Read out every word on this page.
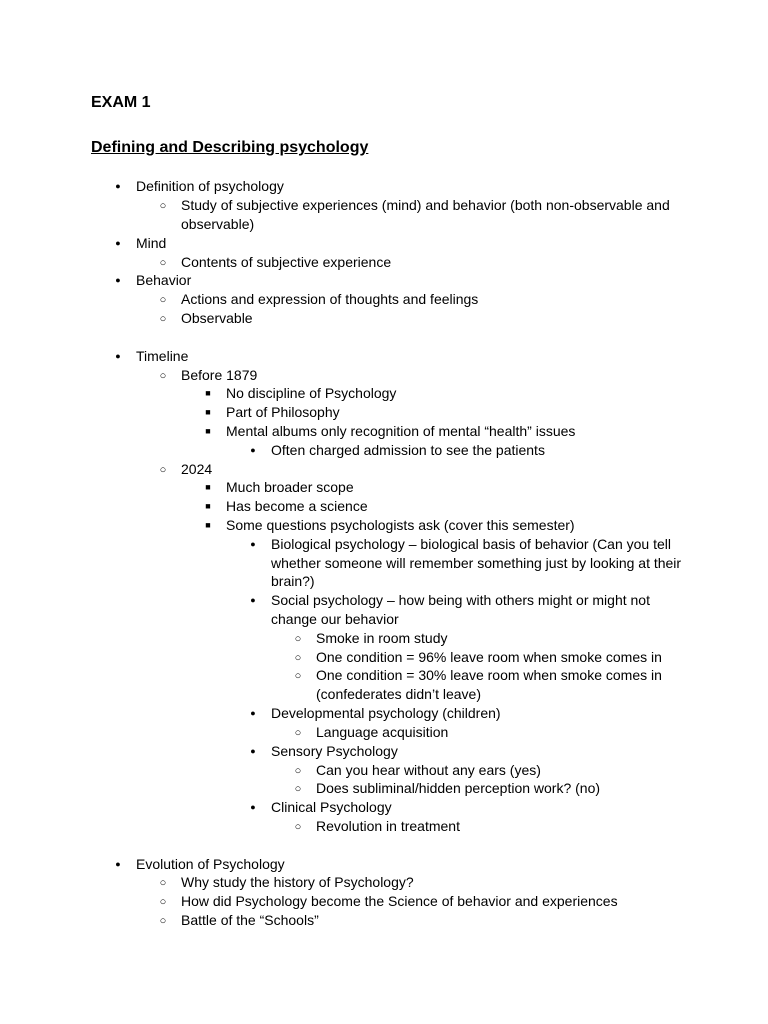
EXAM 1
Defining and Describing psychology
●
Definition of psychology
○
Study of subjective experiences (mind) and behavior (both non-observable and
observable)
●
Mind
○
Contents of subjective experience
●
Behavior
○
Actions and expression of thoughts and feelings
○
Observable
●
Timeline
○
Before 1879
■
No discipline of Psychology
■
Part of Philosophy
■
Mental albums only recognition of mental “health” issues
●
Often charged admission to see the patients
○
2024
■
Much broader scope
■
Has become a science
■
Some questions psychologists ask (cover this semester)
●
Biological psychology – biological basis of behavior (Can you tell
whether someone will remember something just by looking at their
brain?)
●
Social psychology – how being with others might or might not
change our behavior
○
Smoke in room study
○
One condition = 96% leave room when smoke comes in
○
One condition = 30% leave room when smoke comes in
(confederates didn’t leave)
●
Developmental psychology (children)
○
Language acquisition
●
Sensory Psychology
○
Can you hear without any ears (yes)
○
Does subliminal/hidden perception work? (no)
●
Clinical Psychology
○
Revolution in treatment
●
Evolution of Psychology
○
Why study the history of Psychology?
○
How did Psychology become the Science of behavior and experiences
○
Battle of the “Schools”
